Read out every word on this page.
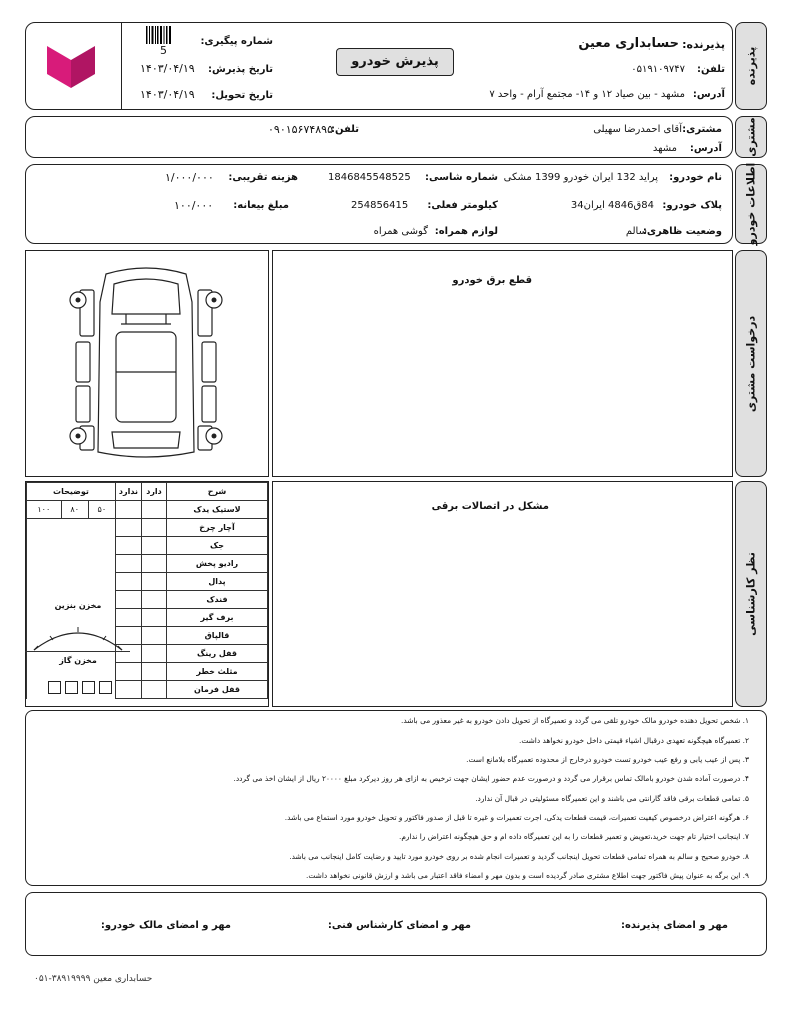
پذیرنده
پذیرنده:
حسابداری معین
تلفن:
۰۵۱۹۱۰۹۷۴۷
آدرس:
مشهد - بین صیاد ۱۲ و ۱۴- مجتمع آرام - واحد ۷
پذیرش خودرو
5
شماره پیگیری:
تاریخ پذیرش:
۱۴۰۳/۰۴/۱۹
تاریخ تحویل:
۱۴۰۳/۰۴/۱۹
مشتری
مشتری:
آقای احمدرضا سهیلی
تلفن:
۰۹۰۱۵۶۷۴۸۹۵
آدرس:
مشهد
اطلاعات خودرو
نام خودرو:
پراید 132 ایران خودرو 1399 مشکی
شماره شاسی:
1846845548525
هزینه تقریبی:
۱/۰۰۰/۰۰۰
پلاک خودرو:
84ق4846 ایران34
کیلومتر فعلی:
254856415
مبلغ بیعانه:
۱۰۰/۰۰۰
وضعیت ظاهری:
سالم
لوازم همراه:
گوشی همراه
درخواست مشتری
قطع برق خودرو
شرح	دارد	ندارد	توضیحات		
لاستیک یدک			۵۰	۸۰	۱۰۰
آچار چرخ					
جک					
رادیو پخش					
پدال					
فندک					
برف گیر					
قالپاق					
قفل رینگ					
مثلث خطر					
قفل فرمان					
مخزن بنزین
مخزن گاز
نظر کارشناسی
مشکل در اتصالات برقی
۱. شخص تحویل دهنده خودرو مالک خودرو تلقی می گردد و تعمیرگاه از تحویل دادن خودرو به غیر معذور می باشد.
۲. تعمیرگاه هیچگونه تعهدی درقبال اشیاء قیمتی داخل خودرو نخواهد داشت.
۳. پس از عیب یابی و رفع عیب خودرو تست خودرو درخارج از محدوده تعمیرگاه بلامانع است.
۴. درصورت آماده شدن خودرو بامالک تماس برقرار می گردد و درصورت عدم حضور ایشان جهت ترخیص به ازای هر روز دیرکرد مبلغ ۲۰۰۰۰ ریال از ایشان اخذ می گردد.
۵. تمامی قطعات برقی فاقد گارانتی می باشند و این تعمیرگاه مسئولیتی در قبال آن ندارد.
۶. هرگونه اعتراض درخصوص کیفیت تعمیرات، قیمت قطعات یدکی، اجرت تعمیرات و غیره تا قبل از صدور فاکتور و تحویل خودرو مورد استماع می باشد.
۷. اینجانب اختیار تام جهت خرید،تعویض و تعمیر قطعات را به این تعمیرگاه داده ام و حق هیچگونه اعتراض را ندارم.
۸. خودرو صحیح و سالم به همراه تمامی قطعات تحویل اینجانب گردید و تعمیرات انجام شده بر روی خودرو مورد تایید و رضایت کامل اینجانب می باشد.
۹. این برگه به عنوان پیش فاکتور جهت اطلاع مشتری صادر گردیده است و بدون مهر و امضاء فاقد اعتبار می باشد و ارزش قانونی نخواهد داشت.
مهر و امضای پذیرنده:
مهر و امضای کارشناس فنی:
مهر و امضای مالک خودرو:
حسابداری معین ۳۸۹۱۹۹۹۹-۰۵۱
